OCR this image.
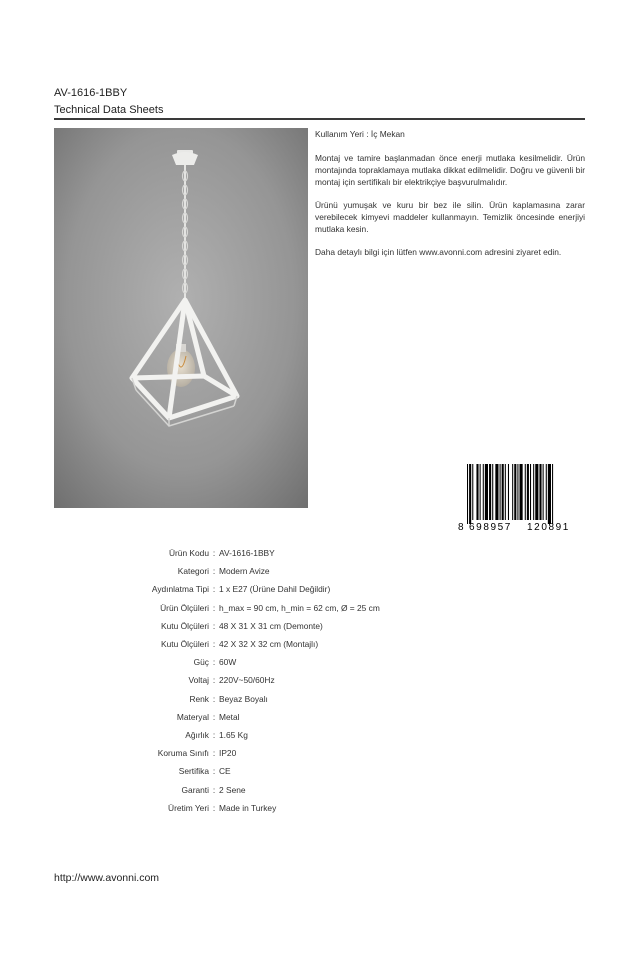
AV-1616-1BBY
Technical Data Sheets

Kullanım Yeri : İç Mekan

Montaj ve tamire başlanmadan önce enerji mutlaka kesilmelidir. Ürün montajında topraklamaya mutlaka dikkat edilmelidir. Doğru ve güvenli bir montaj için sertifikalı bir elektrikçiye başvurulmalıdır.

Ürünü yumuşak ve kuru bir bez ile silin. Ürün kaplamasına zarar verebilecek kimyevi maddeler kullanmayın. Temizlik öncesinde enerjiyi mutlaka kesin.

Daha detaylı bilgi için lütfen www.avonni.com adresini ziyaret edin.

8 698957 120891
Ürün Kodu : AV-1616-1BBY
Kategori : Modern Avize
Aydınlatma Tipi : 1 x E27 (Ürüne Dahil Değildir)
Ürün Ölçüleri : h_max = 90 cm, h_min = 62 cm, Ø = 25 cm
Kutu Ölçüleri : 48 X 31 X 31 cm (Demonte)
Kutu Ölçüleri : 42 X 32 X 32 cm (Montajlı)
Güç : 60W
Voltaj : 220V~50/60Hz
Renk : Beyaz Boyalı
Materyal : Metal
Ağırlık : 1.65 Kg
Koruma Sınıfı : IP20
Sertifika : CE
Garanti : 2 Sene
Üretim Yeri : Made in Turkey
http://www.avonni.com
